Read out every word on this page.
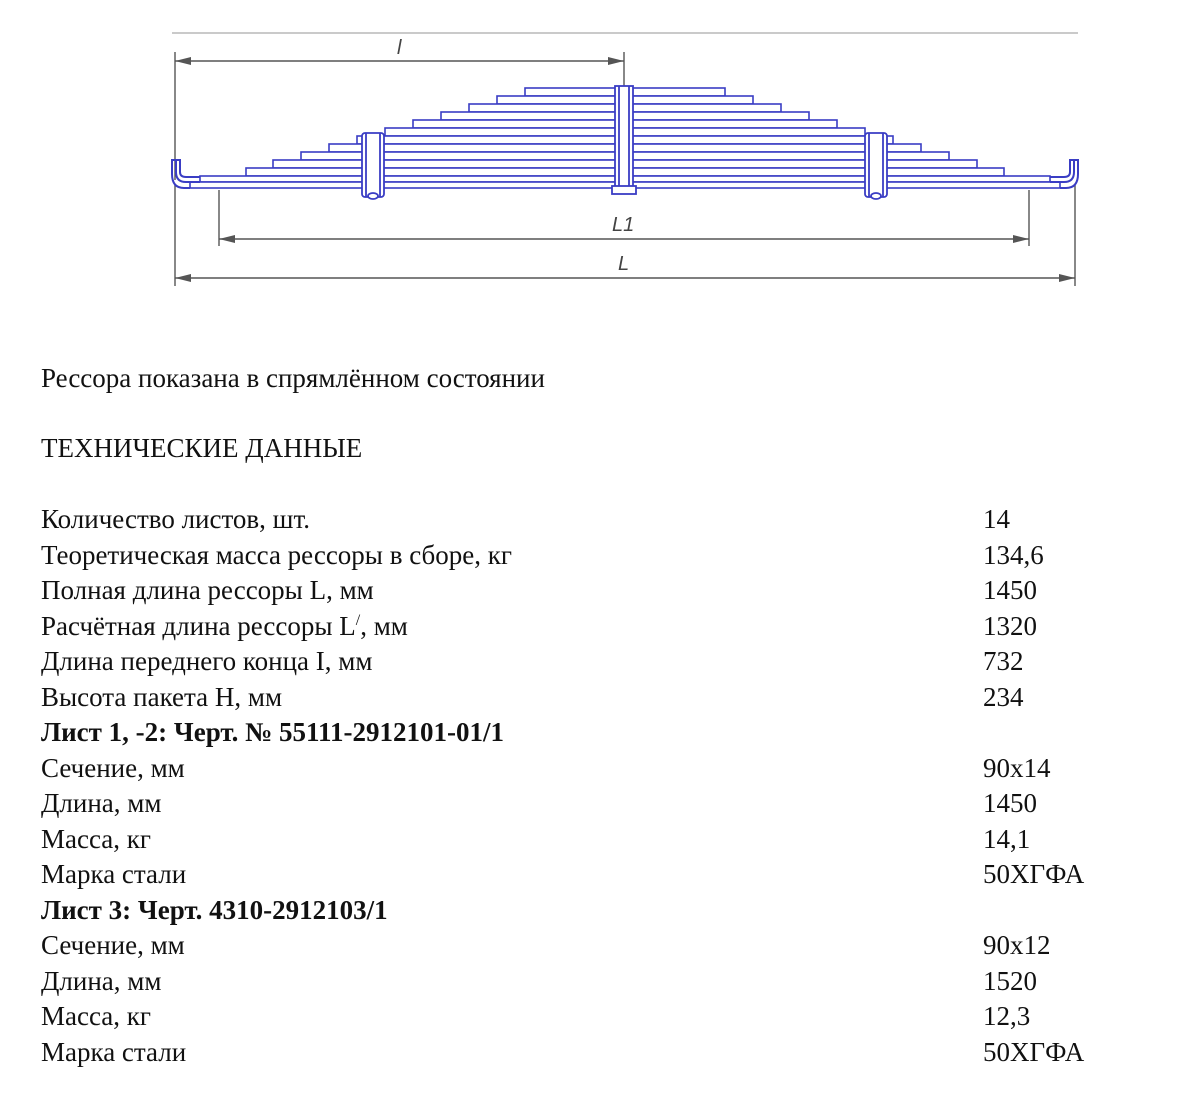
l
L1
L
Рессора показана в спрямлённом состоянии
ТЕХНИЧЕСКИЕ ДАННЫЕ
Количество листов, шт.	14
Теоретическая масса рессоры в сборе, кг	134,6
Полная длина рессоры L, мм	1450
Расчётная длина рессоры L/, мм	1320
Длина переднего конца I, мм	732
Высота пакета H, мм	234
Лист 1, -2: Черт. № 55111-2912101-01/1
Сечение, мм	90х14
Длина, мм	1450
Масса, кг	14,1
Марка стали	50ХГФА
Лист 3: Черт. 4310-2912103/1
Сечение, мм	90х12
Длина, мм	1520
Масса, кг	12,3
Марка стали	50ХГФА
